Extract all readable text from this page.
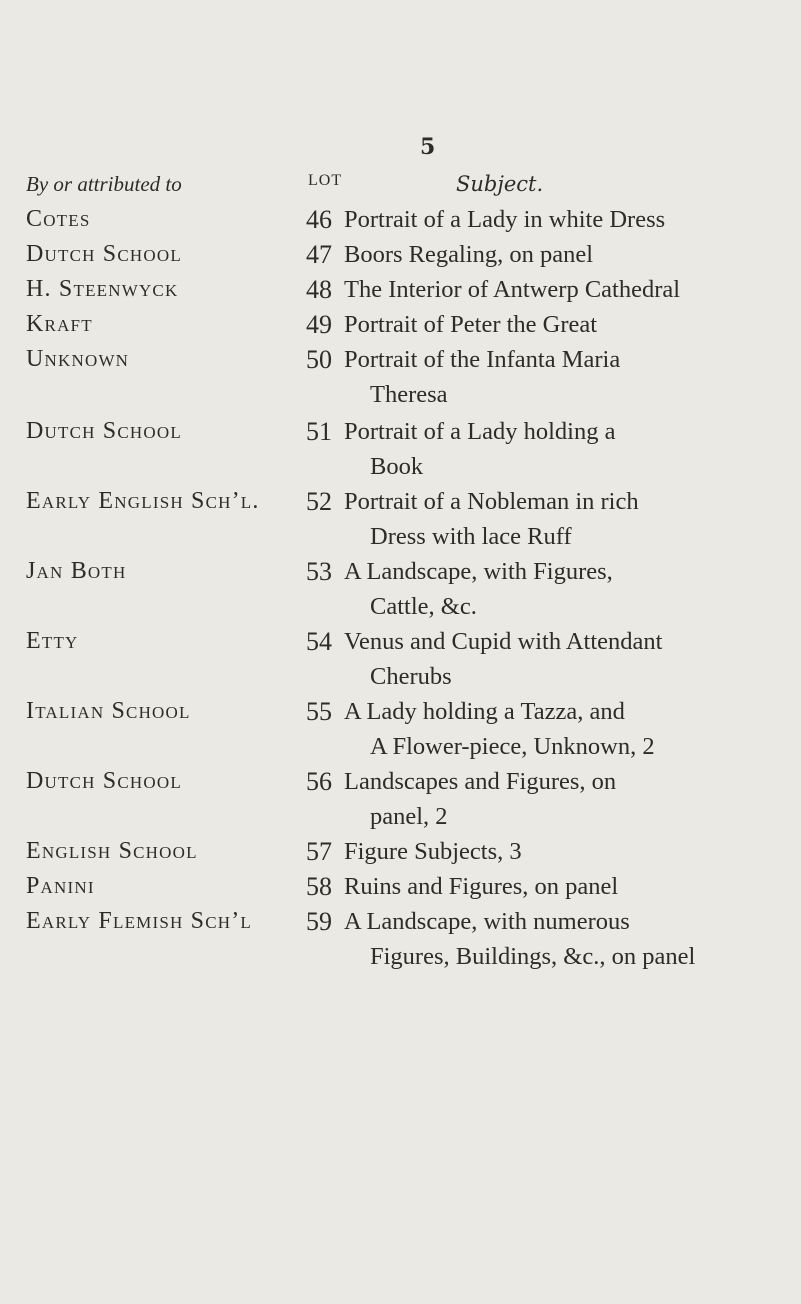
5
By or attributed to	LOT	Subject.
Cotes	46 Portrait of a Lady in white Dress
Dutch School	47 Boors Regaling, on panel
H. Steenwyck	48 The Interior of Antwerp Cathedral
Kraft	49 Portrait of Peter the Great
Unknown	50 Portrait of the Infanta Maria
Theresa
Dutch School	51 Portrait of a Lady holding a
Book
Early English Sch’l.	52 Portrait of a Nobleman in rich
Dress with lace Ruff
Jan Both	53 A Landscape, with Figures,
Cattle, &c.
Etty	54 Venus and Cupid with Attendant
Cherubs
Italian School	55 A Lady holding a Tazza, and
A Flower-piece, Unknown, 2
Dutch School	56 Landscapes and Figures, on
panel, 2
English School	57 Figure Subjects, 3
Panini	58 Ruins and Figures, on panel
Early Flemish Sch’l	59 A Landscape, with numerous
Figures, Buildings, &c., on panel
